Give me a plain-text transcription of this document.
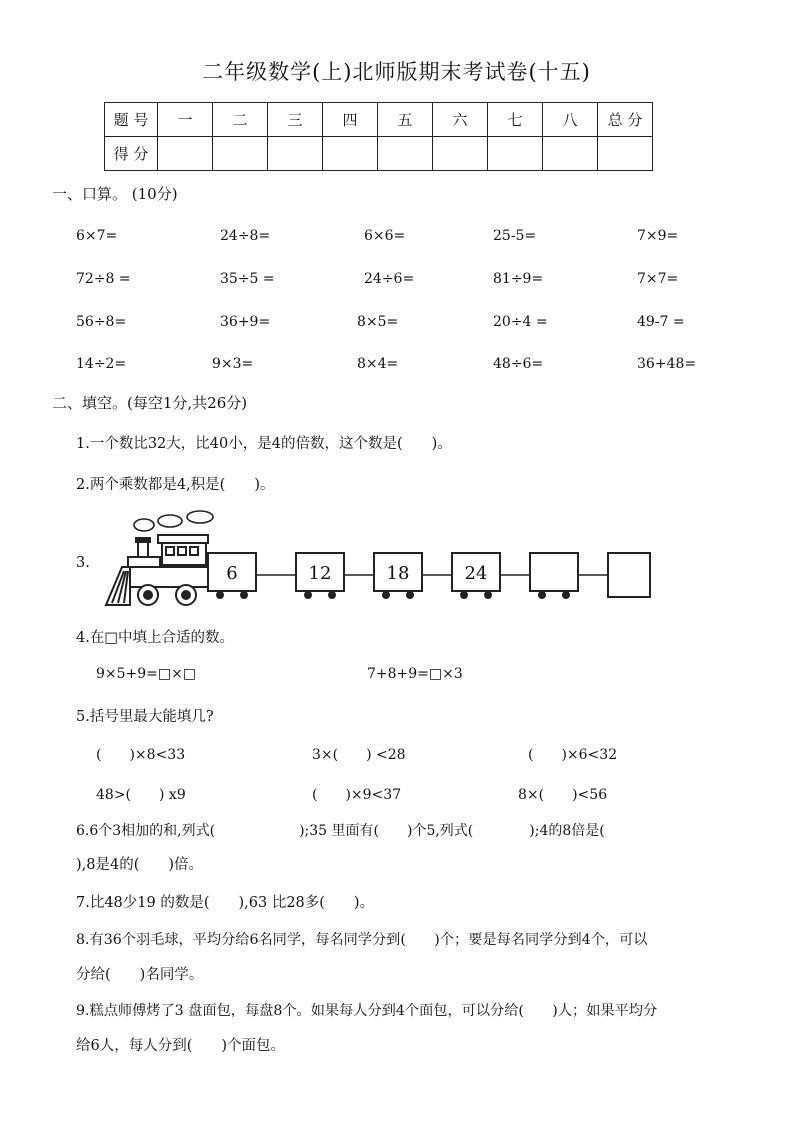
二年级数学(上)北师版期末考试卷(十五)
题 号	一	二	三	四	五	六	七	八	总 分
得 分									
一、口算。 (10分)
6×7=	24÷8=	6×6=	25-5=	7×9=
72÷8 =	35÷5 =	24÷6=	81÷9=	7×7=
56÷8=	36+9=	8×5=	20÷4 =	49-7 =
14÷2=	9×3=	8×4=	48÷6=	36+48=
二、填空。(每空1分,共26分)
1.一个数比32大，比40小，是4的倍数，这个数是(　　)。
2.两个乘数都是4,积是(　　)。
3.	6	12	18	24
4.在□中填上合适的数。
9×5+9=□×□	7+8+9=□×3
5.括号里最大能填几?
(　　)×8<33	3×(　　) <28	(　　)×6<32
48>(　　) x9	(　　)×9<37	8×(　　)<56
6.6个3相加的和,列式(　　　　　　);35 里面有(　　)个5,列式(　　　　);4的8倍是(
),8是4的(　　)倍。
7.比48少19 的数是(　　),63 比28多(　　)。
8.有36个羽毛球，平均分给6名同学，每名同学分到(　　)个；要是每名同学分到4个，可以
分给(　　)名同学。
9.糕点师傅烤了3 盘面包，每盘8个。如果每人分到4个面包，可以分给(　　)人；如果平均分
给6人，每人分到(　　)个面包。
